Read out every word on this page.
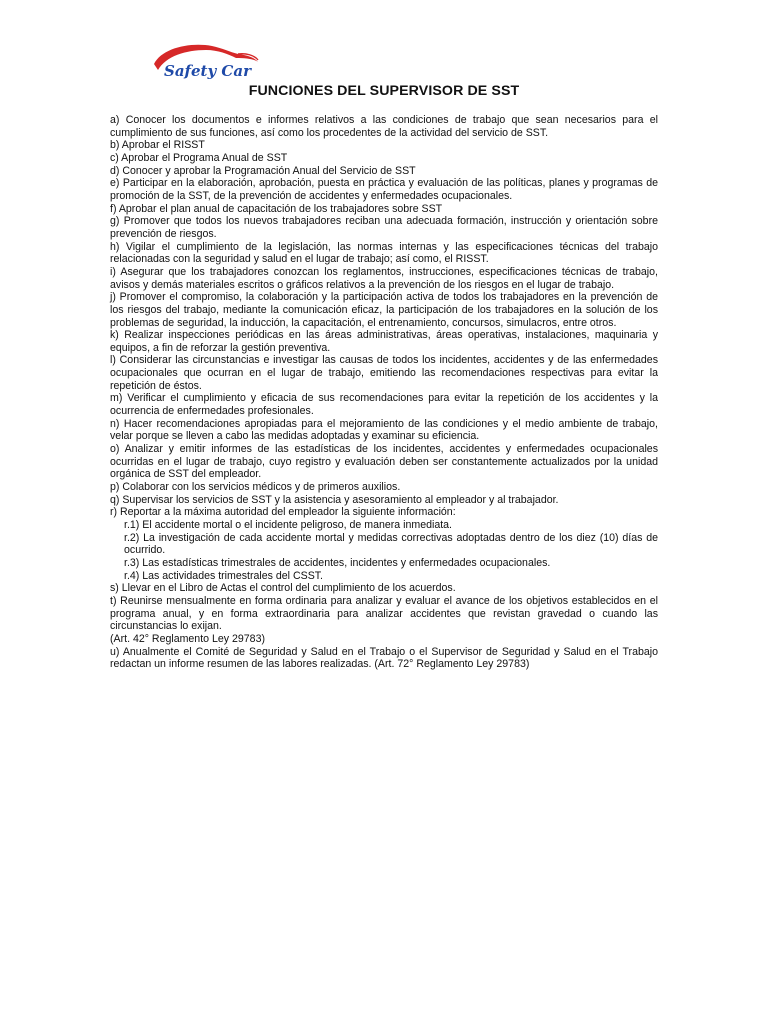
Safety Car
FUNCIONES DEL SUPERVISOR DE SST

a) Conocer los documentos e informes relativos a las condiciones de trabajo que sean necesarios para el cumplimiento de sus funciones, así como los procedentes de la actividad del servicio de SST.

b) Aprobar el RISST

c) Aprobar el Programa Anual de SST

d) Conocer y aprobar la Programación Anual del Servicio de SST

e) Participar en la elaboración, aprobación, puesta en práctica y evaluación de las políticas, planes y programas de promoción de la SST, de la prevención de accidentes y enfermedades ocupacionales.

f) Aprobar el plan anual de capacitación de los trabajadores sobre SST

g) Promover que todos los nuevos trabajadores reciban una adecuada formación, instrucción y orientación sobre prevención de riesgos.

h) Vigilar el cumplimiento de la legislación, las normas internas y las especificaciones técnicas del trabajo relacionadas con la seguridad y salud en el lugar de trabajo; así como, el RISST.

i) Asegurar que los trabajadores conozcan los reglamentos, instrucciones, especificaciones técnicas de trabajo, avisos y demás materiales escritos o gráficos relativos a la prevención de los riesgos en el lugar de trabajo.

j) Promover el compromiso, la colaboración y la participación activa de todos los trabajadores en la prevención de los riesgos del trabajo, mediante la comunicación eficaz, la participación de los trabajadores en la solución de los problemas de seguridad, la inducción, la capacitación, el entrenamiento, concursos, simulacros, entre otros.

k) Realizar inspecciones periódicas en las áreas administrativas, áreas operativas, instalaciones, maquinaria y equipos, a fin de reforzar la gestión preventiva.

l) Considerar las circunstancias e investigar las causas de todos los incidentes, accidentes y de las enfermedades ocupacionales que ocurran en el lugar de trabajo, emitiendo las recomendaciones respectivas para evitar la repetición de éstos.

m) Verificar el cumplimiento y eficacia de sus recomendaciones para evitar la repetición de los accidentes y la ocurrencia de enfermedades profesionales.

n) Hacer recomendaciones apropiadas para el mejoramiento de las condiciones y el medio ambiente de trabajo, velar porque se lleven a cabo las medidas adoptadas y examinar su eficiencia.

o) Analizar y emitir informes de las estadísticas de los incidentes, accidentes y enfermedades ocupacionales ocurridas en el lugar de trabajo, cuyo registro y evaluación deben ser constantemente actualizados por la unidad orgánica de SST del empleador.

p) Colaborar con los servicios médicos y de primeros auxilios.

q) Supervisar los servicios de SST y la asistencia y asesoramiento al empleador y al trabajador.

r) Reportar a la máxima autoridad del empleador la siguiente información:

r.1) El accidente mortal o el incidente peligroso, de manera inmediata.

r.2) La investigación de cada accidente mortal y medidas correctivas adoptadas dentro de los diez (10) días de ocurrido.

r.3) Las estadísticas trimestrales de accidentes, incidentes y enfermedades ocupacionales.

r.4) Las actividades trimestrales del CSST.

s) Llevar en el Libro de Actas el control del cumplimiento de los acuerdos.

t) Reunirse mensualmente en forma ordinaria para analizar y evaluar el avance de los objetivos establecidos en el programa anual, y en forma extraordinaria para analizar accidentes que revistan gravedad o cuando las circunstancias lo exijan.

(Art. 42° Reglamento Ley 29783)

u) Anualmente el Comité de Seguridad y Salud en el Trabajo o el Supervisor de Seguridad y Salud en el Trabajo redactan un informe resumen de las labores realizadas. (Art. 72° Reglamento Ley 29783)
